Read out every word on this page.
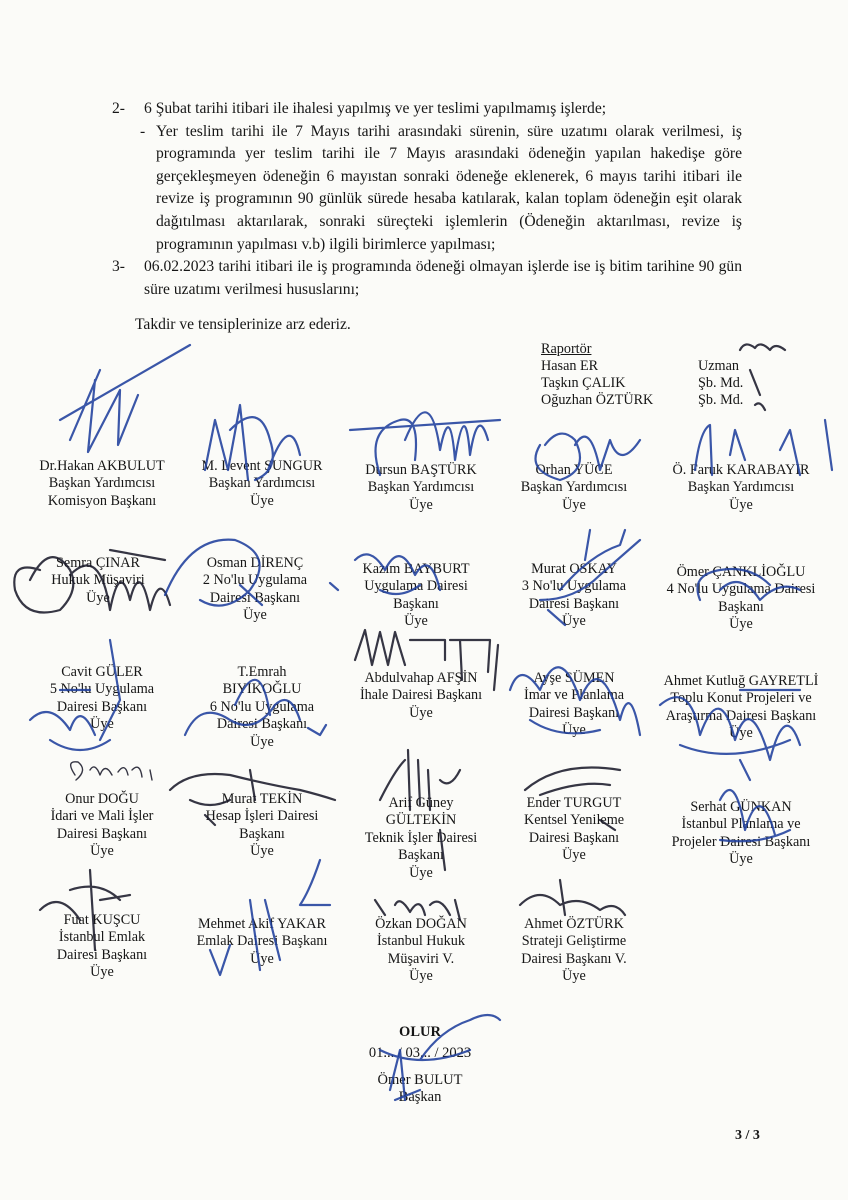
2- 6 Şubat tarihi itibari ile ihalesi yapılmış ve yer teslimi yapılmamış işlerde;
- Yer teslim tarihi ile 7 Mayıs tarihi arasındaki sürenin, süre uzatımı olarak verilmesi, iş programında yer teslim tarihi ile 7 Mayıs arasındaki ödeneğin yapılan hakedişe göre gerçekleşmeyen ödeneğin 6 mayıstan sonraki ödeneğe eklenerek, 6 mayıs tarihi itibari ile revize iş programının 90 günlük sürede hesaba katılarak, kalan toplam ödeneğin eşit olarak dağıtılması aktarılarak, sonraki süreçteki işlemlerin (Ödeneğin aktarılması, revize iş programının yapılması v.b) ilgili birimlerce yapılması;
3- 06.02.2023 tarihi itibari ile iş programında ödeneği olmayan işlerde ise iş bitim tarihine 90 gün süre uzatımı verilmesi hususlarını;
Takdir ve tensiplerinize arz ederiz.
Raportör
Hasan ER
Taşkın ÇALIK
Oğuzhan ÖZTÜRK
Uzman
Şb. Md.
Şb. Md.
Dr.Hakan AKBULUT
Başkan Yardımcısı
Komisyon Başkanı
M. Levent ŞUNGUR
Başkan Yardımcısı
Üye
Dursun BAŞTÜRK
Başkan Yardımcısı
Üye
Orhan YÜCE
Başkan Yardımcısı
Üye
Ö. Faruk KARABAYIR
Başkan Yardımcısı
Üye
Semra ÇINAR
Hukuk Müşaviri
Üye
Osman DİRENÇ
2 No'lu Uygulama
Dairesi Başkanı
Üye
Kazım BAYBURT
Uygulama Dairesi
Başkanı
Üye
Murat OSKAY
3 No'lu Uygulama
Dairesi Başkanı
Üye
Ömer ÇANKLİOĞLU
4 No'lu Uygulama Dairesi
Başkanı
Üye
Cavit GÜLER
5 No'lu Uygulama
Dairesi Başkanı
Üye
T.Emrah
BIYIKOĞLU
6 No'lu Uygulama
Dairesi Başkanı
Üye
Abdulvahap AFŞİN
İhale Dairesi Başkanı
Üye
Ayşe SÜMEN
İmar ve Planlama
Dairesi Başkanı
Üye
Ahmet Kutluğ GAYRETLİ
Toplu Konut Projeleri ve
Araştırma Dairesi Başkanı
Üye
Onur DOĞU
İdari ve Mali İşler
Dairesi Başkanı
Üye
Murat TEKİN
Hesap İşleri Dairesi
Başkanı
Üye
Arif Güney
GÜLTEKİN
Teknik İşler Dairesi
Başkanı
Üye
Ender TURGUT
Kentsel Yenileme
Dairesi Başkanı
Üye
Serhat GÜNKAN
İstanbul Planlama ve
Projeler Dairesi Başkanı
Üye
Fuat KUŞCU
İstanbul Emlak
Dairesi Başkanı
Üye
Mehmet Akif YAKAR
Emlak Dairesi Başkanı
Üye
Özkan DOĞAN
İstanbul Hukuk
Müşaviri V.
Üye
Ahmet ÖZTÜRK
Strateji Geliştirme
Dairesi Başkanı V.
Üye
OLUR
01... / 03... / 2023
Ömer BULUT
Başkan
3 / 3
